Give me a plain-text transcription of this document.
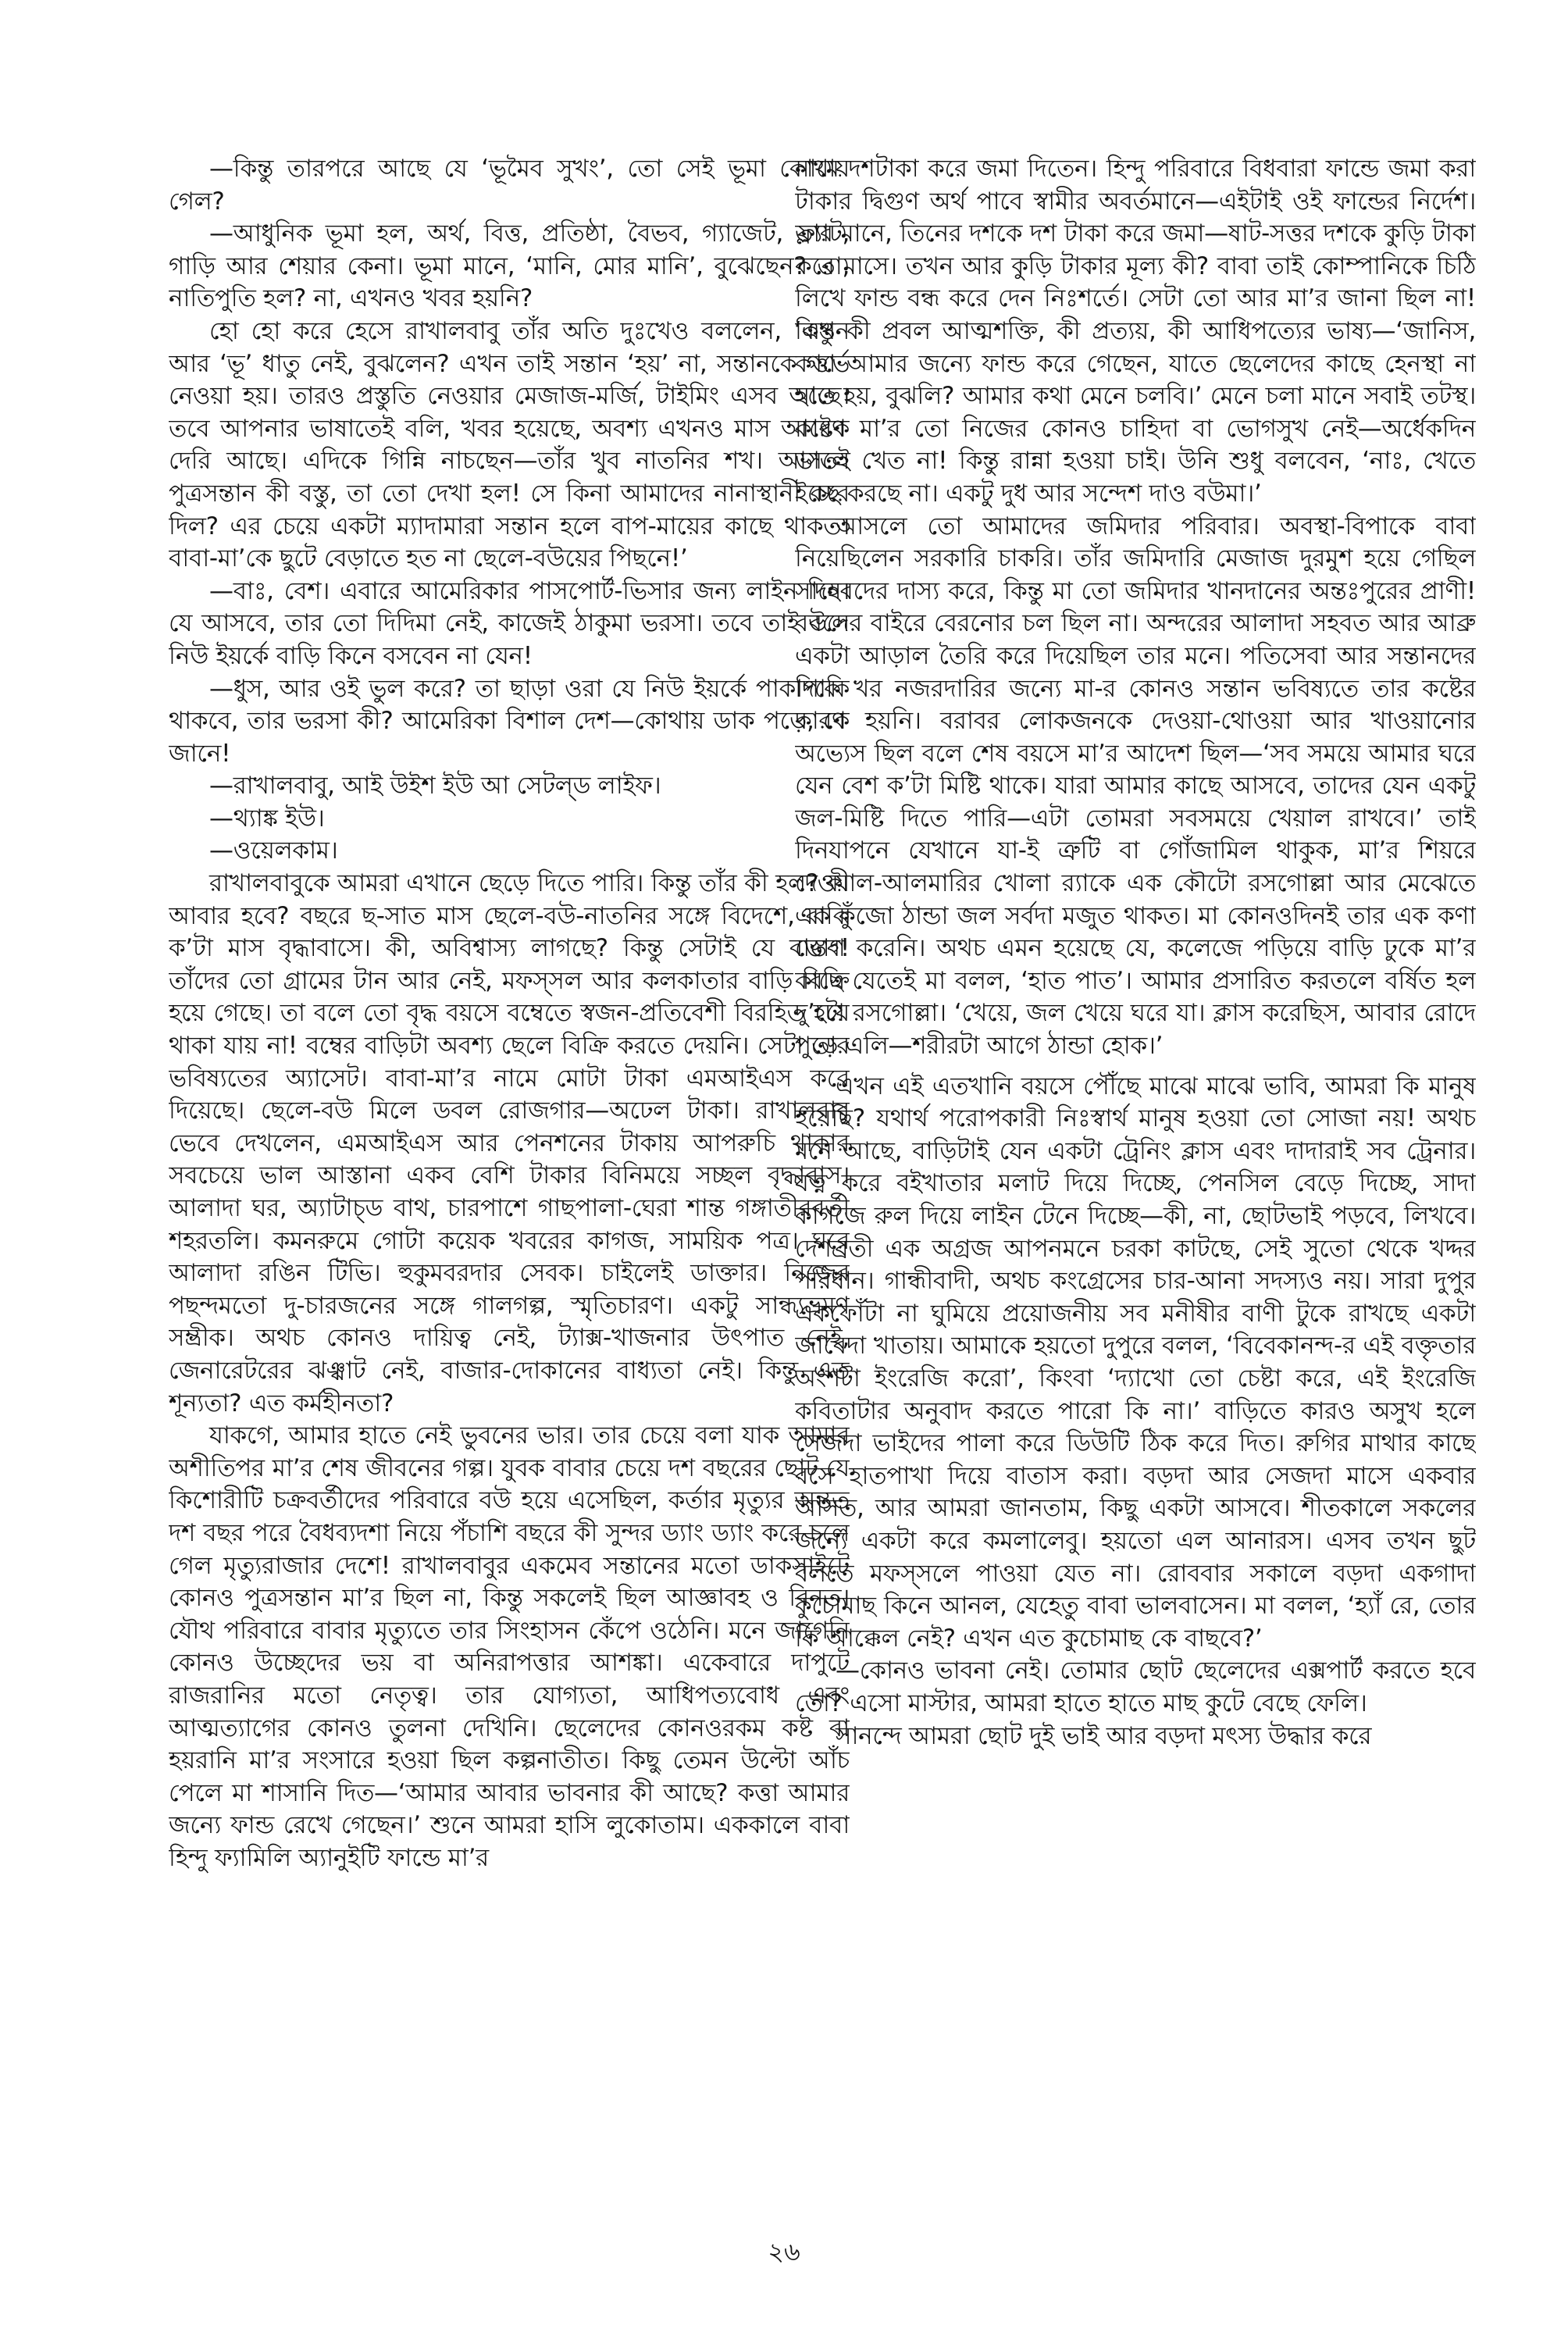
—কিন্তু তারপরে আছে যে ‘ভূমৈব সুখং’, তো সেই ভূমা কোথায় গেল?

—আধুনিক ভূমা হল, অর্থ, বিত্ত, প্রতিষ্ঠা, বৈভব, গ্যাজেট, ফ্ল্যাট, গাড়ি আর শেয়ার কেনা। ভূমা মানে, ‘মানি, মোর মানি’, বুঝেছেন? তা, নাতিপুতি হল? না, এখনও খবর হয়নি?

হো হো করে হেসে রাখালবাবু তাঁর অতি দুঃখেও বললেন, ‘এখন আর ‘ভূ’ ধাতু নেই, বুঝলেন? এখন তাই সন্তান ‘হয়’ না, সন্তানকে গর্ভে নেওয়া হয়। তারও প্রস্তুতি নেওয়ার মেজাজ-মর্জি, টাইমিং এসব আছে। তবে আপনার ভাষাতেই বলি, খবর হয়েছে, অবশ্য এখনও মাস আষ্টেক দেরি আছে। এদিকে গিন্নি নাচছেন—তাঁর খুব নাতনির শখ। আসলে পুত্রসন্তান কী বস্তু, তা তো দেখা হল! সে কিনা আমাদের নানাস্থানী করে দিল? এর চেয়ে একটা ম্যাদামারা সন্তান হলে বাপ-মায়ের কাছে থাকত। বাবা-মা’কে ছুটে বেড়াতে হত না ছেলে-বউয়ের পিছনে!’

—বাঃ, বেশ। এবারে আমেরিকার পাসপোর্ট-ভিসার জন্য লাইন দিন। যে আসবে, তার তো দিদিমা নেই, কাজেই ঠাকুমা ভরসা। তবে তাই বলে নিউ ইয়র্কে বাড়ি কিনে বসবেন না যেন!

—ধুস, আর ওই ভুল করে? তা ছাড়া ওরা যে নিউ ইয়র্কে পাকাপাকি থাকবে, তার ভরসা কী? আমেরিকা বিশাল দেশ—কোথায় ডাক পড়ে, কে জানে!

—রাখালবাবু, আই উইশ ইউ আ সেটল্‌ড লাইফ।

—থ্যাঙ্ক ইউ।

—ওয়েলকাম।

রাখালবাবুকে আমরা এখানে ছেড়ে দিতে পারি। কিন্তু তাঁর কী হল? কী আবার হবে? বছরে ছ-সাত মাস ছেলে-বউ-নাতনির সঙ্গে বিদেশে, বাকি ক’টা মাস বৃদ্ধাবাসে। কী, অবিশ্বাস্য লাগছে? কিন্তু সেটাই যে বাস্তব! তাঁদের তো গ্রামের টান আর নেই, মফস্‌সল আর কলকাতার বাড়ি বিক্রি হয়ে গেছে। তা বলে তো বৃদ্ধ বয়সে বম্বেতে স্বজন-প্রতিবেশী বিরহিত হয়ে থাকা যায় না! বম্বের বাড়িটা অবশ্য ছেলে বিক্রি করতে দেয়নি। সেটা তার ভবিষ্যতের অ্যাসেট। বাবা-মা’র নামে মোটা টাকা এমআইএস করে দিয়েছে। ছেলে-বউ মিলে ডবল রোজগার—অঢেল টাকা। রাখালবাবু ভেবে দেখলেন, এমআইএস আর পেনশনের টাকায় আপরুচি থাকার সবচেয়ে ভাল আস্তানা একব বেশি টাকার বিনিময়ে সচ্ছল বৃদ্ধাবাস। আলাদা ঘর, অ্যাটাচ্‌ড বাথ, চারপাশে গাছপালা-ঘেরা শান্ত গঙ্গাতীরবর্তী শহরতলি। কমনরুমে গোটা কয়েক খবরের কাগজ, সাময়িক পত্র। ঘরে আলাদা রঙিন টিভি। হুকুমবরদার সেবক। চাইলেই ডাক্তার। নিজের পছন্দমতো দু-চারজনের সঙ্গে গালগল্প, স্মৃতিচারণ। একটু সান্ধ্যভ্রমণ সম্ভ্রীক। অথচ কোনও দায়িত্ব নেই, ট্যাক্স-খাজনার উৎপাত নেই, জেনারেটরের ঝঞ্ঝাট নেই, বাজার-দোকানের বাধ্যতা নেই। কিন্তু এত শূন্যতা? এত কর্মহীনতা?

যাকগে, আমার হাতে নেই ভুবনের ভার। তার চেয়ে বলা যাক আমার অশীতিপর মা’র শেষ জীবনের গল্প। যুবক বাবার চেয়ে দশ বছরের ছোট যে কিশোরীটি চক্রবর্তীদের পরিবারে বউ হয়ে এসেছিল, কর্তার মৃত্যুর অন্তত দশ বছর পরে বৈধব্যদশা নিয়ে পঁচাশি বছরে কী সুন্দর ড্যাং ড্যাং করে চলে গেল মৃত্যুরাজার দেশে! রাখালবাবুর একমেব সন্তানের মতো ডাকসাইটে কোনও পুত্রসন্তান মা’র ছিল না, কিন্তু সকলেই ছিল আজ্ঞাবহ ও বিনত। যৌথ পরিবারে বাবার মৃত্যুতে তার সিংহাসন কেঁপে ওঠেনি। মনে জাগেনি কোনও উচ্ছেদের ভয় বা অনিরাপত্তার আশঙ্কা। একেবারে দাপুটে রাজরানির মতো নেতৃত্ব। তার যোগ্যতা, আধিপত্যবোধ এবং আত্মত্যাগের কোনও তুলনা দেখিনি। ছেলেদের কোনওরকম কষ্ট বা হয়রানি মা’র সংসারে হওয়া ছিল কল্পনাতীত। কিছু তেমন উল্টো আঁচ পেলে মা শাসানি দিত—‘আমার আবার ভাবনার কী আছে? কত্তা আমার জন্যে ফান্ড রেখে গেছেন।’ শুনে আমরা হাসি লুকোতাম। এককালে বাবা হিন্দু ফ্যামিলি অ্যানুইটি ফান্ডে মা’র

নামে দশটাকা করে জমা দিতেন। হিন্দু পরিবারে বিধবারা ফান্ডে জমা করা টাকার দ্বিগুণ অর্থ পাবে স্বামীর অবর্তমানে—এইটাই ওই ফান্ডের নির্দেশ। তার মানে, তিনের দশকে দশ টাকা করে জমা—ষাট-সত্তর দশকে কুড়ি টাকা করে মাসে। তখন আর কুড়ি টাকার মূল্য কী? বাবা তাই কোম্পানিকে চিঠি লিখে ফান্ড বন্ধ করে দেন নিঃশর্তে। সেটা তো আর মা’র জানা ছিল না! কিন্তু কী প্রবল আত্মশক্তি, কী প্রত্যয়, কী আধিপত্যের ভাষ্য—‘জানিস, কত্তা আমার জন্যে ফান্ড করে গেছেন, যাতে ছেলেদের কাছে হেনস্থা না হতে হয়, বুঝলি? আমার কথা মেনে চলবি।’ মেনে চলা মানে সবাই তটস্থ। কারণ মা’র তো নিজের কোনও চাহিদা বা ভোগসুখ নেই—অর্ধেকদিন ভাতই খেত না! কিন্তু রান্না হওয়া চাই। উনি শুধু বলবেন, ‘নাঃ, খেতে ইচ্ছে করছে না। একটু দুধ আর সন্দেশ দাও বউমা।’

আসলে তো আমাদের জমিদার পরিবার। অবস্থা-বিপাকে বাবা নিয়েছিলেন সরকারি চাকরি। তাঁর জমিদারি মেজাজ দুরমুশ হয়ে গেছিল সাহেবদের দাস্য করে, কিন্তু মা তো জমিদার খানদানের অন্তঃপুরের প্রাণী! বউদের বাইরে বেরনোর চল ছিল না। অন্দরের আলাদা সহবত আর আব্রু একটা আড়াল তৈরি করে দিয়েছিল তার মনে। পতিসেবা আর সন্তানদের দিকে খর নজরদারির জন্যে মা-র কোনও সন্তান ভবিষ্যতে তার কষ্টের কারণ হয়নি। বরাবর লোকজনকে দেওয়া-থোওয়া আর খাওয়ানোর অভ্যেস ছিল বলে শেষ বয়সে মা’র আদেশ ছিল—‘সব সময়ে আমার ঘরে যেন বেশ ক’টা মিষ্টি থাকে। যারা আমার কাছে আসবে, তাদের যেন একটু জল-মিষ্টি দিতে পারি—এটা তোমরা সবসময়ে খেয়াল রাখবে।’ তাই দিনযাপনে যেখানে যা-ই ত্রুটি বা গোঁজামিল থাকুক, মা’র শিয়রে দেওয়াল-আলমারির খোলা র‍্যাকে এক কৌটো রসগোল্লা আর মেঝেতে এক কুঁজো ঠান্ডা জল সর্বদা মজুত থাকত। মা কোনওদিনই তার এক কণা ভোগ করেনি। অথচ এমন হয়েছে যে, কলেজে পড়িয়ে বাড়ি ঢুকে মা’র কাছে যেতেই মা বলল, ‘হাত পাত’। আমার প্রসারিত করতলে বর্ষিত হল দু’টো রসগোল্লা। ‘খেয়ে, জল খেয়ে ঘরে যা। ক্লাস করেছিস, আবার রোদে পুড়ে এলি—শরীরটা আগে ঠান্ডা হোক।’

এখন এই এতখানি বয়সে পৌঁছে মাঝে মাঝে ভাবি, আমরা কি মানুষ হয়েছি? যথার্থ পরোপকারী নিঃস্বার্থ মানুষ হওয়া তো সোজা নয়! অথচ মনে আছে, বাড়িটাই যেন একটা ট্রেনিং ক্লাস এবং দাদারাই সব ট্রেনার। যত্ন করে বইখাতার মলাট দিয়ে দিচ্ছে, পেনসিল বেড়ে দিচ্ছে, সাদা কাগজে রুল দিয়ে লাইন টেনে দিচ্ছে—কী, না, ছোটভাই পড়বে, লিখবে। দেশব্রতী এক অগ্রজ আপনমনে চরকা কাটছে, সেই সুতো থেকে খদ্দর পরিধান। গান্ধীবাদী, অথচ কংগ্রেসের চার-আনা সদস্যও নয়। সারা দুপুর একফোঁটা না ঘুমিয়ে প্রয়োজনীয় সব মনীষীর বাণী টুকে রাখছে একটা জাবেদা খাতায়। আমাকে হয়তো দুপুরে বলল, ‘বিবেকানন্দ-র এই বক্তৃতার অংশটা ইংরেজি করো’, কিংবা ‘দ্যাখো তো চেষ্টা করে, এই ইংরেজি কবিতাটার অনুবাদ করতে পারো কি না।’ বাড়িতে কারও অসুখ হলে সেজদা ভাইদের পালা করে ডিউটি ঠিক করে দিত। রুগির মাথার কাছে বসে হাতপাখা দিয়ে বাতাস করা। বড়দা আর সেজদা মাসে একবার আসত, আর আমরা জানতাম, কিছু একটা আসবে। শীতকালে সকলের জন্যে একটা করে কমলালেবু। হয়তো এল আনারস। এসব তখন ছুট বলতে মফস্‌সলে পাওয়া যেত না। রোববার সকালে বড়দা একগাদা কুচোমাছ কিনে আনল, যেহেতু বাবা ভালবাসেন। মা বলল, ‘হ্যাঁ রে, তোর কি আক্কেল নেই? এখন এত কুচোমাছ কে বাছবে?’

—কোনও ভাবনা নেই। তোমার ছোট ছেলেদের এক্সপার্ট করতে হবে তো? এসো মাস্টার, আমরা হাতে হাতে মাছ কুটে বেছে ফেলি।

সানন্দে আমরা ছোট দুই ভাই আর বড়দা মৎস্য উদ্ধার করে

২৬
